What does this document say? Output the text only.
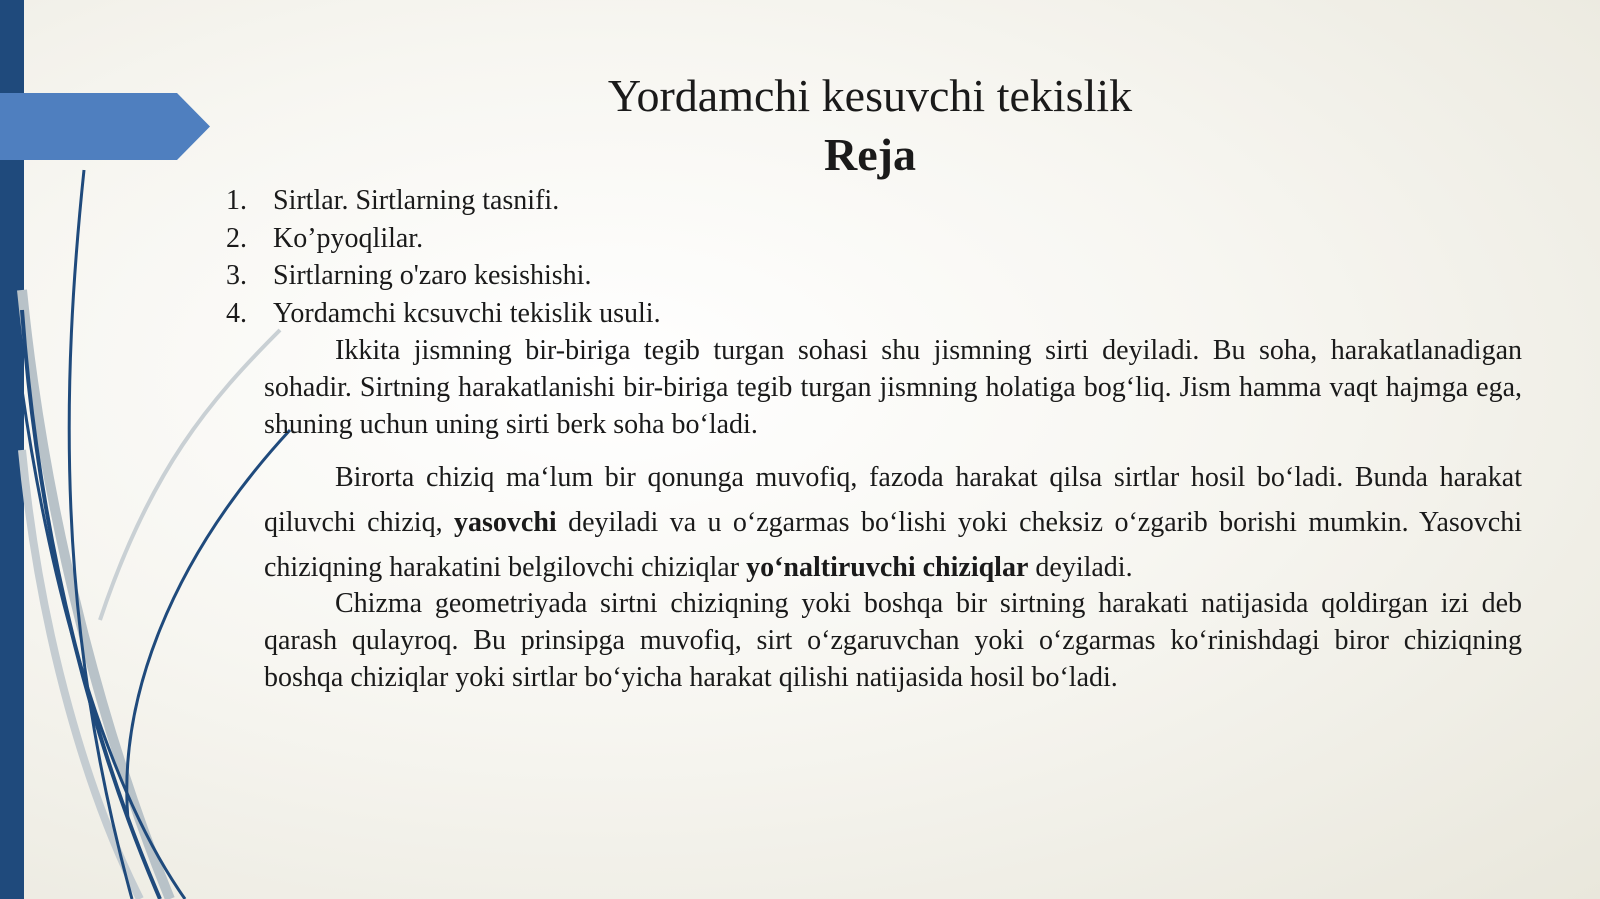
Yordamchi kesuvchi tekislik
Reja
1. Sirtlar. Sirtlarning tasnifi.
2. Ko’pyoqlilar.
3. Sirtlarning o'zaro kesishishi.
4. Yordamchi kcsuvchi tekislik usuli.

Ikkita jismning bir-biriga tegib turgan sohasi shu jismning sirti deyiladi. Bu soha, harakatlanadigan sohadir. Sirtning harakatlanishi bir-biriga tegib turgan jismning holatiga bog‘liq. Jism hamma vaqt hajmga ega, shuning uchun uning sirti berk soha bo‘ladi.

Birorta chiziq ma‘lum bir qonunga muvofiq, fazoda harakat qilsa sirtlar hosil bo‘ladi. Bunda harakat qiluvchi chiziq, yasovchi deyiladi va u o‘zgarmas bo‘lishi yoki cheksiz o‘zgarib borishi mumkin. Yasovchi chiziqning harakatini belgilovchi chiziqlar yo‘naltiruvchi chiziqlar deyiladi.

Chizma geometriyada sirtni chiziqning yoki boshqa bir sirtning harakati natijasida qoldirgan izi deb qarash qulayroq. Bu prinsipga muvofiq, sirt o‘zgaruvchan yoki o‘zgarmas ko‘rinishdagi biror chiziqning boshqa chiziqlar yoki sirtlar bo‘yicha harakat qilishi natijasida hosil bo‘ladi.
